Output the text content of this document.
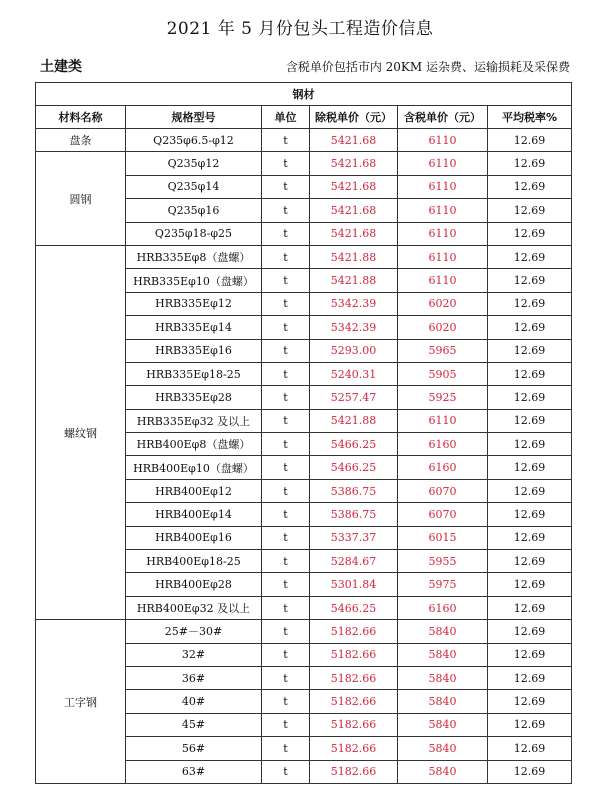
2021 年 5 月份包头工程造价信息
土建类	含税单价包括市内 20KM 运杂费、运输损耗及采保费
钢材					
材料名称	规格型号	单位	除税单价（元）	含税单价（元）	平均税率%
盘条	Q235φ6.5-φ12	t	5421.68	6110	12.69
圆钢	Q235φ12	t	5421.68	6110	12.69
	Q235φ14	t	5421.68	6110	12.69
	Q235φ16	t	5421.68	6110	12.69
	Q235φ18-φ25	t	5421.68	6110	12.69
螺纹钢	HRB335Eφ8（盘螺）	t	5421.88	6110	12.69
	HRB335Eφ10（盘螺）	t	5421.88	6110	12.69
	HRB335Eφ12	t	5342.39	6020	12.69
	HRB335Eφ14	t	5342.39	6020	12.69
	HRB335Eφ16	t	5293.00	5965	12.69
	HRB335Eφ18-25	t	5240.31	5905	12.69
	HRB335Eφ28	t	5257.47	5925	12.69
	HRB335Eφ32 及以上	t	5421.88	6110	12.69
	HRB400Eφ8（盘螺）	t	5466.25	6160	12.69
	HRB400Eφ10（盘螺）	t	5466.25	6160	12.69
	HRB400Eφ12	t	5386.75	6070	12.69
	HRB400Eφ14	t	5386.75	6070	12.69
	HRB400Eφ16	t	5337.37	6015	12.69
	HRB400Eφ18-25	t	5284.67	5955	12.69
	HRB400Eφ28	t	5301.84	5975	12.69
	HRB400Eφ32 及以上	t	5466.25	6160	12.69
工字钢	25#－30#	t	5182.66	5840	12.69
	32#	t	5182.66	5840	12.69
	36#	t	5182.66	5840	12.69
	40#	t	5182.66	5840	12.69
	45#	t	5182.66	5840	12.69
	56#	t	5182.66	5840	12.69
	63#	t	5182.66	5840	12.69
